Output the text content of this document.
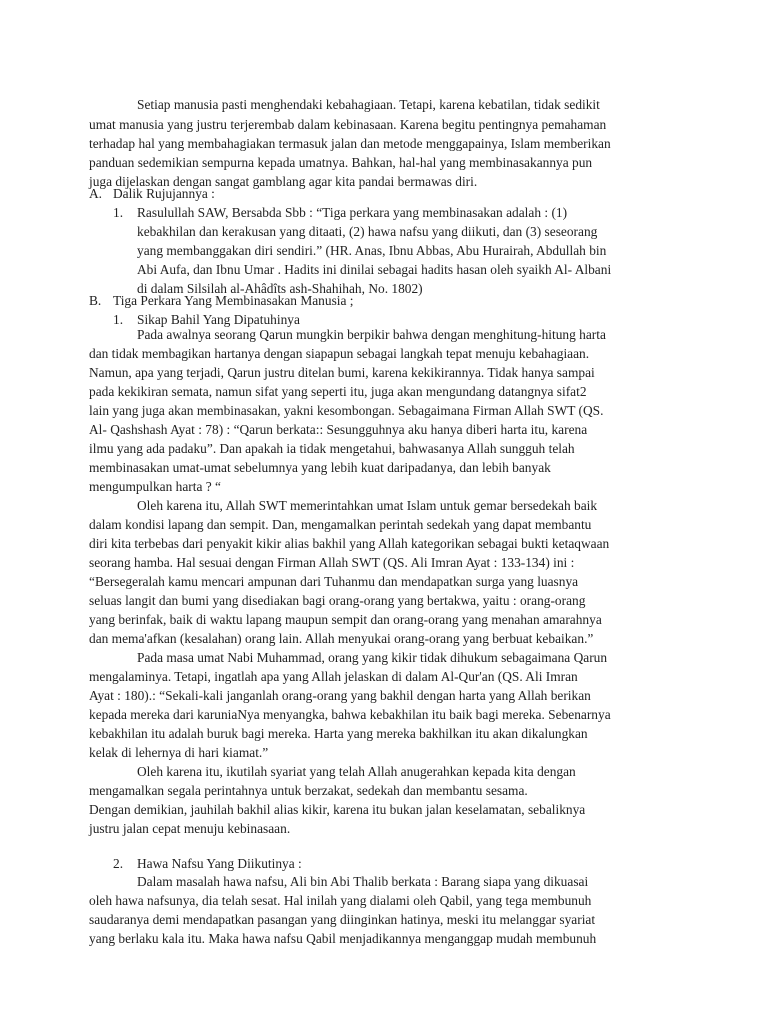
Setiap manusia pasti menghendaki kebahagiaan. Tetapi, karena kebatilan, tidak sedikit
umat manusia yang justru terjerembab dalam kebinasaan. Karena begitu pentingnya pemahaman
terhadap hal yang membahagiakan termasuk jalan dan metode menggapainya, Islam memberikan
panduan sedemikian sempurna kepada umatnya. Bahkan, hal-hal yang membinasakannya pun
juga dijelaskan dengan sangat gamblang agar kita pandai bermawas diri.
A. Dalik Rujujannya :
1. Rasulullah SAW, Bersabda Sbb : “Tiga perkara yang membinasakan adalah : (1)
kebakhilan dan kerakusan yang ditaati, (2) hawa nafsu yang diikuti, dan (3) seseorang
yang membanggakan diri sendiri.” (HR. Anas, Ibnu Abbas, Abu Hurairah, Abdullah bin
Abi Aufa, dan Ibnu Umar . Hadits ini dinilai sebagai hadits hasan oleh syaikh Al- Albani
di dalam Silsilah al-Ahâdîts ash-Shahihah, No. 1802)
B. Tiga Perkara Yang Membinasakan Manusia ;
1. Sikap Bahil Yang Dipatuhinya
Pada awalnya seorang Qarun mungkin berpikir bahwa dengan menghitung-hitung harta
dan tidak membagikan hartanya dengan siapapun sebagai langkah tepat menuju kebahagiaan.
Namun, apa yang terjadi, Qarun justru ditelan bumi, karena kekikirannya. Tidak hanya sampai
pada kekikiran semata, namun sifat yang seperti itu, juga akan mengundang datangnya sifat2
lain yang juga akan membinasakan, yakni kesombongan. Sebagaimana Firman Allah SWT (QS.
Al- Qashshash Ayat : 78) : “Qarun berkata:: Sesungguhnya aku hanya diberi harta itu, karena
ilmu yang ada padaku”. Dan apakah ia tidak mengetahui, bahwasanya Allah sungguh telah
membinasakan umat-umat sebelumnya yang lebih kuat daripadanya, dan lebih banyak
mengumpulkan harta ? “
Oleh karena itu, Allah SWT memerintahkan umat Islam untuk gemar bersedekah baik
dalam kondisi lapang dan sempit. Dan, mengamalkan perintah sedekah yang dapat membantu
diri kita terbebas dari penyakit kikir alias bakhil yang Allah kategorikan sebagai bukti ketaqwaan
seorang hamba. Hal sesuai dengan Firman Allah SWT (QS. Ali Imran Ayat : 133-134) ini :
“Bersegeralah kamu mencari ampunan dari Tuhanmu dan mendapatkan surga yang luasnya
seluas langit dan bumi yang disediakan bagi orang-orang yang bertakwa, yaitu : orang-orang
yang berinfak, baik di waktu lapang maupun sempit dan orang-orang yang menahan amarahnya
dan mema'afkan (kesalahan) orang lain. Allah menyukai orang-orang yang berbuat kebaikan.”
Pada masa umat Nabi Muhammad, orang yang kikir tidak dihukum sebagaimana Qarun
mengalaminya. Tetapi, ingatlah apa yang Allah jelaskan di dalam Al-Qur'an (QS. Ali Imran
Ayat : 180).: “Sekali-kali janganlah orang-orang yang bakhil dengan harta yang Allah berikan
kepada mereka dari karuniaNya menyangka, bahwa kebakhilan itu baik bagi mereka. Sebenarnya
kebakhilan itu adalah buruk bagi mereka. Harta yang mereka bakhilkan itu akan dikalungkan
kelak di lehernya di hari kiamat.”
Oleh karena itu, ikutilah syariat yang telah Allah anugerahkan kepada kita dengan
mengamalkan segala perintahnya untuk berzakat, sedekah dan membantu sesama.
Dengan demikian, jauhilah bakhil alias kikir, karena itu bukan jalan keselamatan, sebaliknya
justru jalan cepat menuju kebinasaan.
2. Hawa Nafsu Yang Diikutinya :
Dalam masalah hawa nafsu, Ali bin Abi Thalib berkata : Barang siapa yang dikuasai
oleh hawa nafsunya, dia telah sesat. Hal inilah yang dialami oleh Qabil, yang tega membunuh
saudaranya demi mendapatkan pasangan yang diinginkan hatinya, meski itu melanggar syariat
yang berlaku kala itu. Maka hawa nafsu Qabil menjadikannya menganggap mudah membunuh
